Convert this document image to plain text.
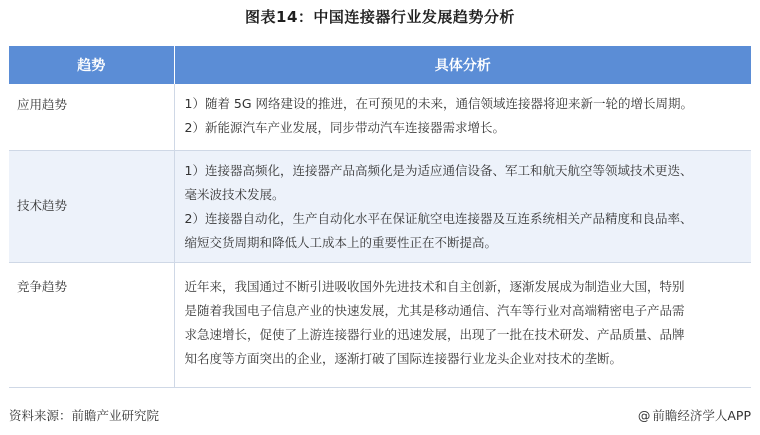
图表14：中国连接器行业发展趋势分析
趋势	具体分析

应用趋势	1）随着 5G 网络建设的推进，在可预见的未来，通信领域连接器将迎来新一轮的增长周期。
2）新能源汽车产业发展，同步带动汽车连接器需求增长。

技术趋势	1）连接器高频化，连接器产品高频化是为适应通信设备、军工和航天航空等领域技术更迭、
毫米波技术发展。
2）连接器自动化，生产自动化水平在保证航空电连接器及互连系统相关产品精度和良品率、
缩短交货周期和降低人工成本上的重要性正在不断提高。

竞争趋势	近年来，我国通过不断引进吸收国外先进技术和自主创新，逐渐发展成为制造业大国，特别
是随着我国电子信息产业的快速发展，尤其是移动通信、汽车等行业对高端精密电子产品需
求急速增长，促使了上游连接器行业的迅速发展，出现了一批在技术研发、产品质量、品牌
知名度等方面突出的企业，逐渐打破了国际连接器行业龙头企业对技术的垄断。
资料来源：前瞻产业研究院	@ 前瞻经济学人APP
